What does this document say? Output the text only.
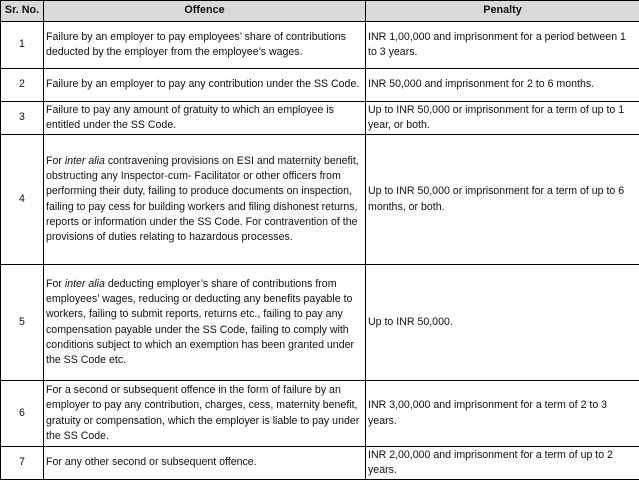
Sr. No.	Offence	Penalty
1	Failure by an employer to pay employees’ share of contributions deducted by the employer from the employee’s wages.	INR 1,00,000 and imprisonment for a period between 1 to 3 years.
2	Failure by an employer to pay any contribution under the SS Code.	INR 50,000 and imprisonment for 2 to 6 months.
3	Failure to pay any amount of gratuity to which an employee is entitled under the SS Code.	Up to INR 50,000 or imprisonment for a term of up to 1 year, or both.
4	For inter alia contravening provisions on ESI and maternity benefit, obstructing any Inspector-cum- Facilitator or other officers from performing their duty, failing to produce documents on inspection, failing to pay cess for building workers and filing dishonest returns, reports or information under the SS Code. For contravention of the provisions of duties relating to hazardous processes.	Up to INR 50,000 or imprisonment for a term of up to 6 months, or both.
5	For inter alia deducting employer’s share of contributions from employees’ wages, reducing or deducting any benefits payable to workers, failing to submit reports, returns etc., failing to pay any compensation payable under the SS Code, failing to comply with conditions subject to which an exemption has been granted under the SS Code etc.	Up to INR 50,000.
6	For a second or subsequent offence in the form of failure by an employer to pay any contribution, charges, cess, maternity benefit, gratuity or compensation, which the employer is liable to pay under the SS Code.	INR 3,00,000 and imprisonment for a term of 2 to 3 years.
7	For any other second or subsequent offence.	INR 2,00,000 and imprisonment for a term of up to 2 years.
